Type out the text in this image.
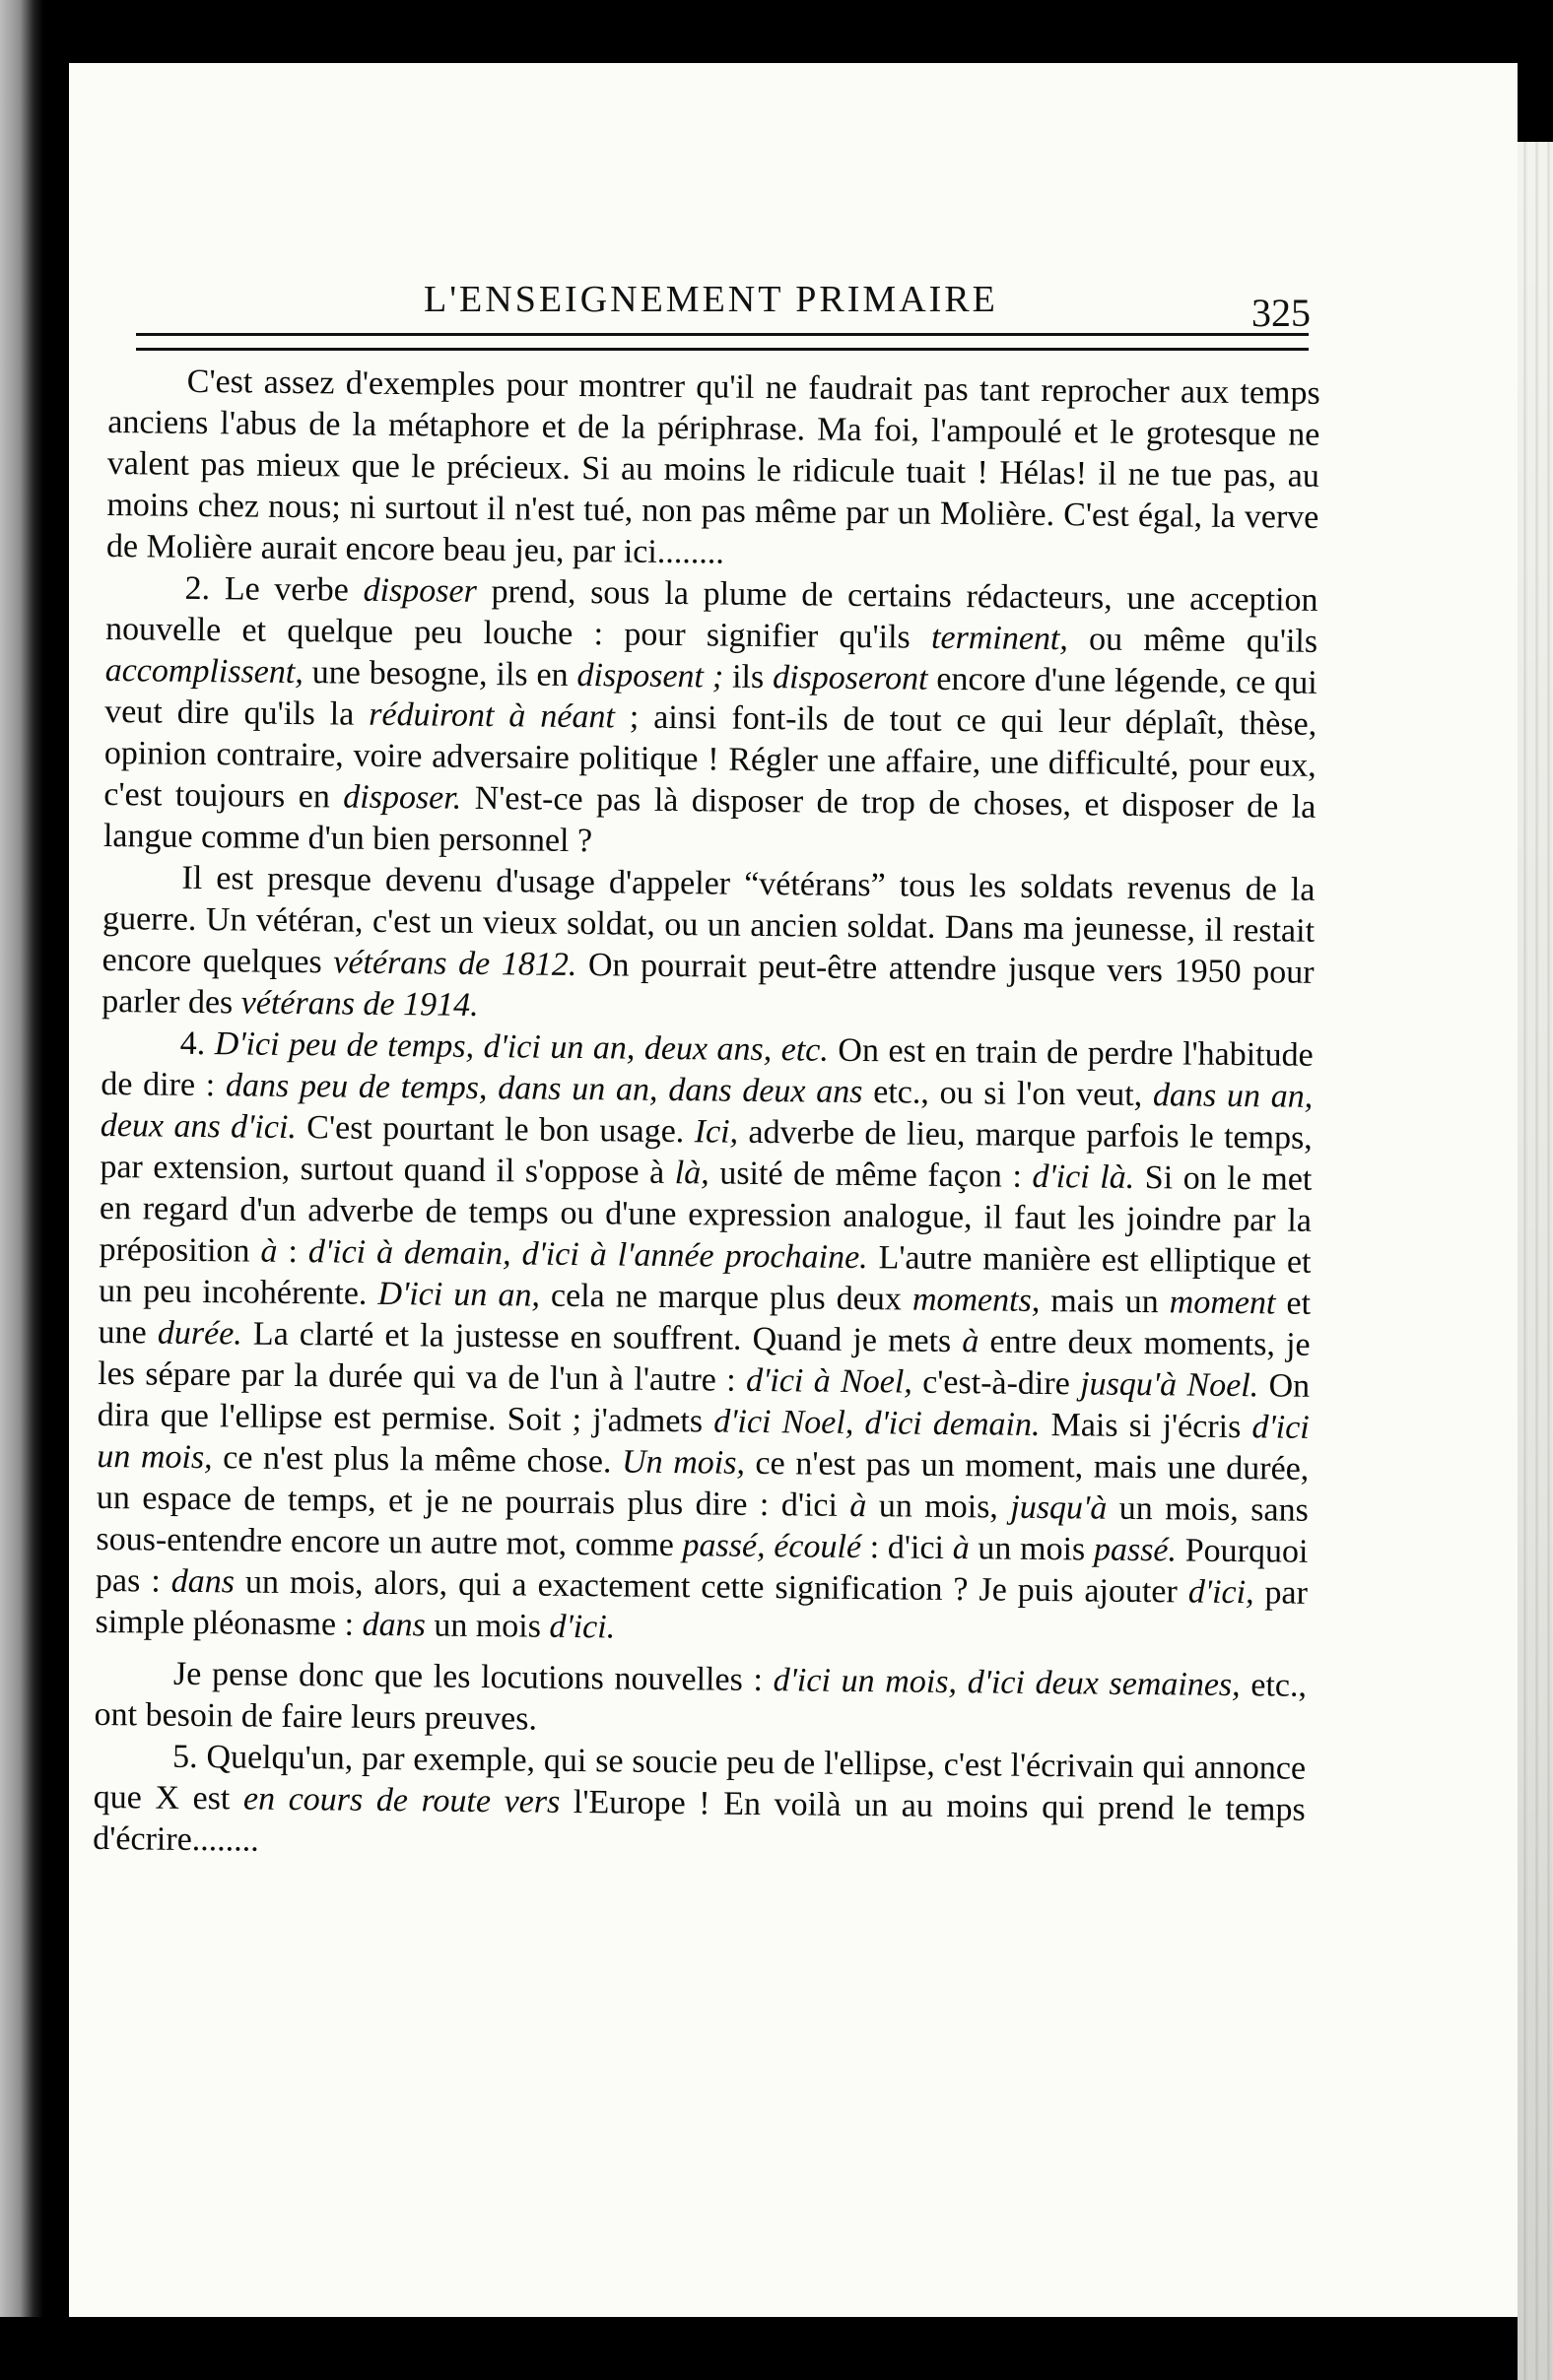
L'ENSEIGNEMENT PRIMAIRE	325

C'est assez d'exemples pour montrer qu'il ne faudrait pas tant reprocher aux temps anciens l'abus de la métaphore et de la périphrase. Ma foi, l'ampoulé et le grotesque ne valent pas mieux que le précieux. Si au moins le ridicule tuait ! Hélas! il ne tue pas, au moins chez nous; ni surtout il n'est tué, non pas même par un Molière. C'est égal, la verve de Molière aurait encore beau jeu, par ici........

2. Le verbe disposer prend, sous la plume de certains rédacteurs, une acception nouvelle et quelque peu louche : pour signifier qu'ils terminent, ou même qu'ils accomplissent, une besogne, ils en disposent ; ils disposeront encore d'une légende, ce qui veut dire qu'ils la réduiront à néant ; ainsi font-ils de tout ce qui leur déplaît, thèse, opinion contraire, voire adversaire politique ! Régler une affaire, une difficulté, pour eux, c'est toujours en disposer. N'est-ce pas là disposer de trop de choses, et disposer de la langue comme d'un bien personnel ?

Il est presque devenu d'usage d'appeler “vétérans” tous les soldats revenus de la guerre. Un vétéran, c'est un vieux soldat, ou un ancien soldat. Dans ma jeunesse, il restait encore quelques vétérans de 1812. On pourrait peut-être attendre jusque vers 1950 pour parler des vétérans de 1914.

4. D'ici peu de temps, d'ici un an, deux ans, etc. On est en train de perdre l'habitude de dire : dans peu de temps, dans un an, dans deux ans etc., ou si l'on veut, dans un an, deux ans d'ici. C'est pourtant le bon usage. Ici, adverbe de lieu, marque parfois le temps, par extension, surtout quand il s'oppose à là, usité de même façon : d'ici là. Si on le met en regard d'un adverbe de temps ou d'une expression analogue, il faut les joindre par la préposition à : d'ici à demain, d'ici à l'année prochaine. L'autre manière est elliptique et un peu incohérente. D'ici un an, cela ne marque plus deux moments, mais un moment et une durée. La clarté et la justesse en souffrent. Quand je mets à entre deux moments, je les sépare par la durée qui va de l'un à l'autre : d'ici à Noel, c'est-à-dire jusqu'à Noel. On dira que l'ellipse est permise. Soit ; j'admets d'ici Noel, d'ici demain. Mais si j'écris d'ici un mois, ce n'est plus la même chose. Un mois, ce n'est pas un moment, mais une durée, un espace de temps, et je ne pourrais plus dire : d'ici à un mois, jusqu'à un mois, sans sous-entendre encore un autre mot, comme passé, écoulé : d'ici à un mois passé. Pourquoi pas : dans un mois, alors, qui a exactement cette signification ? Je puis ajouter d'ici, par simple pléonasme : dans un mois d'ici.

Je pense donc que les locutions nouvelles : d'ici un mois, d'ici deux semaines, etc., ont besoin de faire leurs preuves.

5. Quelqu'un, par exemple, qui se soucie peu de l'ellipse, c'est l'écrivain qui annonce que X est en cours de route vers l'Europe ! En voilà un au moins qui prend le temps d'écrire........
